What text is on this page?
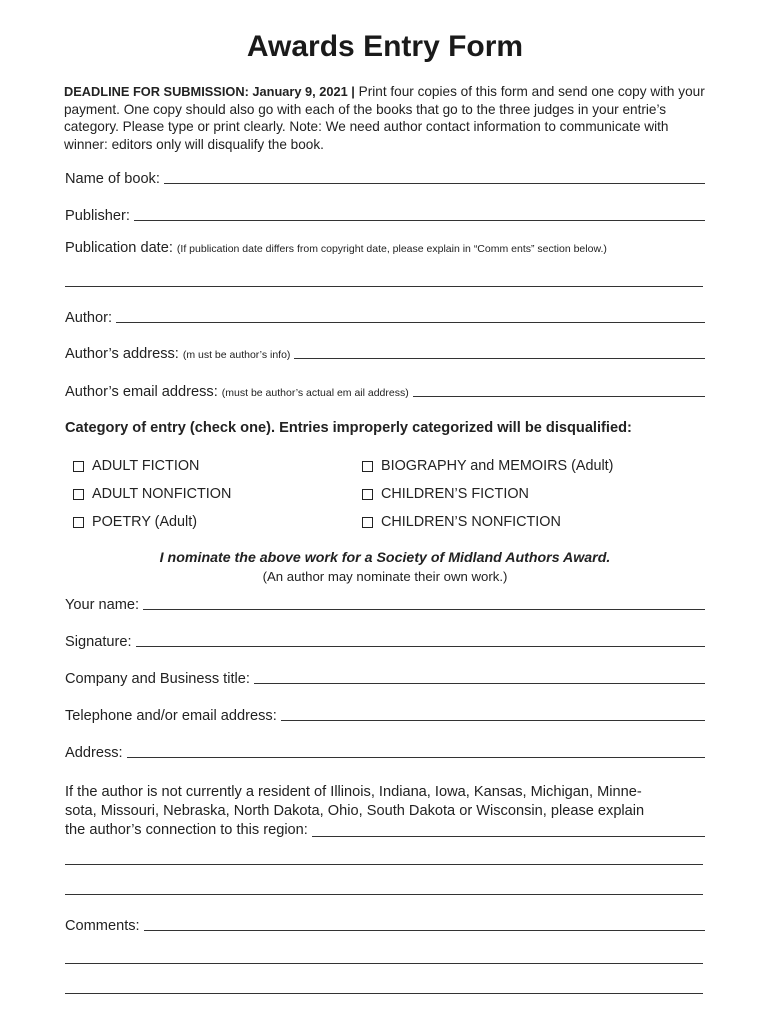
Awards Entry Form
DEADLINE FOR SUBMISSION: January 9, 2021 | Print four copies of this form and send one copy with your payment. One copy should also go with each of the books that go to the three judges in your entrie’s category. Please type or print clearly. Note: We need author contact information to communicate with winner: editors only will disqualify the book.
Name of book:
Publisher:
Publication date: (If publication date differs from copyright date, please explain in “Comm ents” section below.)
Author:
Author’s address: (m ust be author’s info)
Author’s email address: (must be author’s actual em ail address)
Category of entry (check one). Entries improperly categorized will be disqualified:
ADULT FICTION
ADULT NONFICTION
POETRY (Adult)
BIOGRAPHY and MEMOIRS (Adult)
CHILDREN’S FICTION
CHILDREN’S NONFICTION
I nominate the above work for a Society of Midland Authors Award.
(An author may nominate their own work.)
Your name:
Signature:
Company and Business title:
Telephone and/or email address:
Address:
If the author is not currently a resident of Illinois, Indiana, Iowa, Kansas, Michigan, Minne-
sota, Missouri, Nebraska, North Dakota, Ohio, South Dakota or Wisconsin, please explain
the author’s connection to this region:
Comments:
